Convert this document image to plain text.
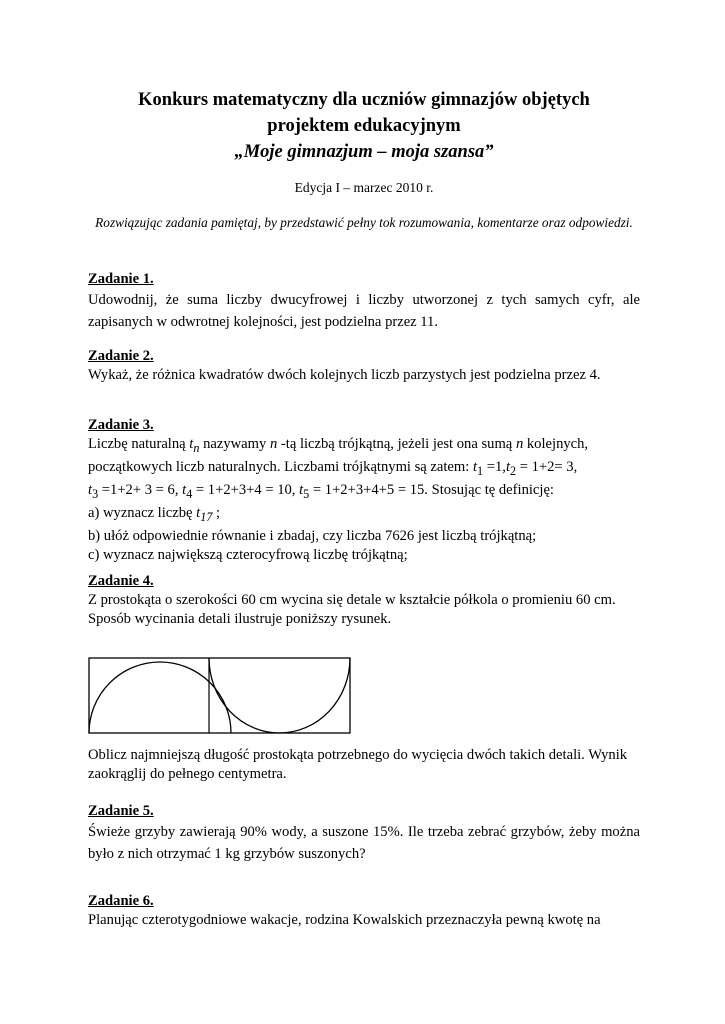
Konkurs matematyczny dla uczniów gimnazjów objętych
projektem edukacyjnym
„Moje gimnazjum – moja szansa”
Edycja I – marzec 2010 r.
Rozwiązując zadania pamiętaj, by przedstawić pełny tok rozumowania, komentarze oraz odpowiedzi.
Zadanie 1.
Udowodnij, że suma liczby dwucyfrowej i liczby utworzonej z tych samych cyfr, ale zapisanych w odwrotnej kolejności, jest podzielna przez 11.
Zadanie 2.
Wykaż, że różnica kwadratów dwóch kolejnych liczb parzystych jest podzielna przez 4.
Zadanie 3.
Liczbę naturalną $t_n$ nazywamy n -tą liczbą trójkątną, jeżeli jest ona sumą n kolejnych,
początkowych liczb naturalnych. Liczbami trójkątnymi są zatem: $t_1 =1,t_2 = 1+2= 3$,
$t_3 =1+2+ 3 = 6$, $t_4 = 1+2+3+4 = 10$, $t_5 = 1+2+3+4+5 = 15$. Stosując tę definicję:
a) wyznacz liczbę $t_{17}$ ;
b) ułóż odpowiednie równanie i zbadaj, czy liczba 7626 jest liczbą trójkątną;
c) wyznacz największą czterocyfrową liczbę trójkątną;
Zadanie 4.
Z prostokąta o szerokości 60 cm wycina się detale w kształcie półkola o promieniu 60 cm.
Sposób wycinania detali ilustruje poniższy rysunek.
Oblicz najmniejszą długość prostokąta potrzebnego do wycięcia dwóch takich detali. Wynik
zaokrąglij do pełnego centymetra.
Zadanie 5.
Świeże grzyby zawierają 90% wody, a suszone 15%. Ile trzeba zebrać grzybów, żeby można było z nich otrzymać 1 kg grzybów suszonych?
Zadanie 6.
Planując czterotygodniowe wakacje, rodzina Kowalskich przeznaczyła pewną kwotę na
